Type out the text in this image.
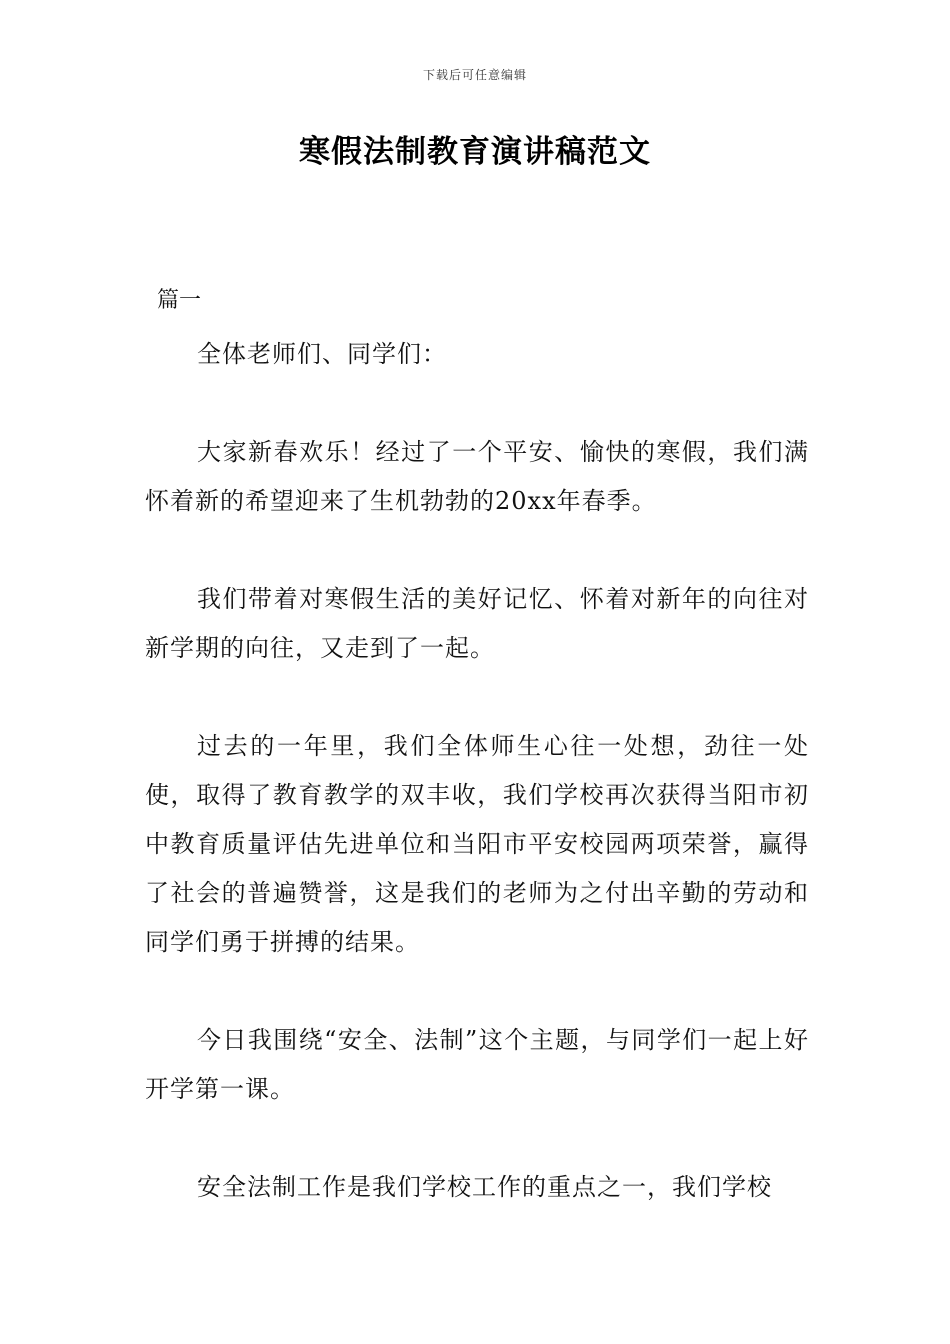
下载后可任意编辑
寒假法制教育演讲稿范文
篇一

全体老师们、同学们：

大家新春欢乐！经过了一个平安、愉快的寒假，我们满怀着新的希望迎来了生机勃勃的20xx年春季。

我们带着对寒假生活的美好记忆、怀着对新年的向往对新学期的向往，又走到了一起。

过去的一年里，我们全体师生心往一处想，劲往一处使，取得了教育教学的双丰收，我们学校再次获得当阳市初中教育质量评估先进单位和当阳市平安校园两项荣誉，赢得了社会的普遍赞誉，这是我们的老师为之付出辛勤的劳动和同学们勇于拼搏的结果。

今日我围绕“安全、法制”这个主题，与同学们一起上好开学第一课。

安全法制工作是我们学校工作的重点之一，我们学校
